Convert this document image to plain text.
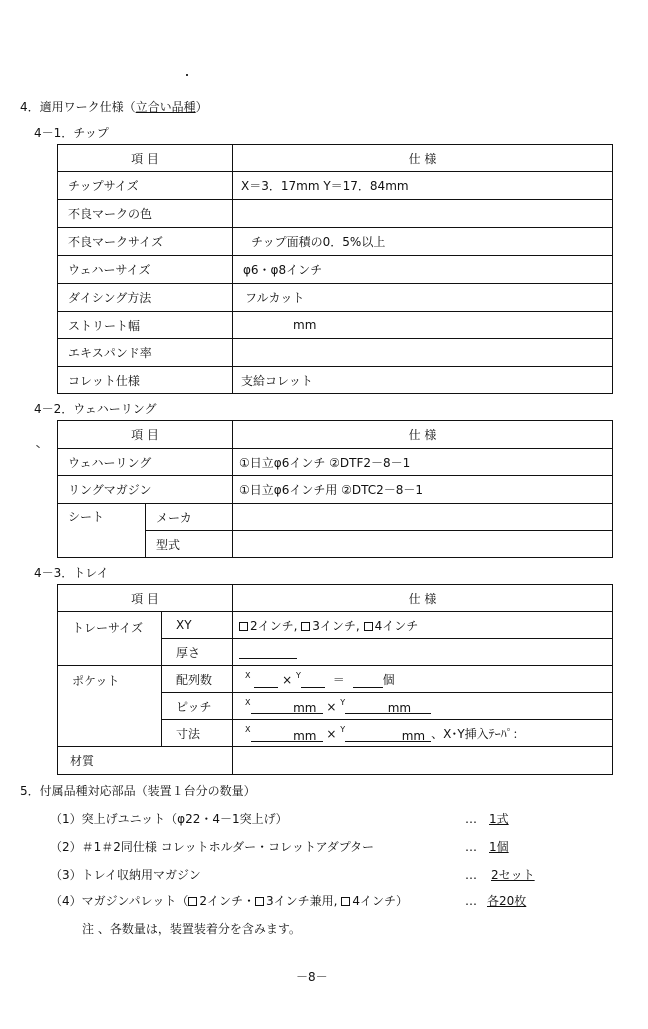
4．適用ワーク仕様（立合い品種）
4－1．チップ
項 目	仕 様
チップサイズ	X＝3．17mm Y＝17．84mm
不良マークの色	
不良マークサイズ	チップ面積の0．5%以上
ウェハーサイズ	φ6・φ8インチ
ダイシング方法	フルカット
ストリート幅	mm
エキスパンド率	
コレット仕様	支給コレット
4－2．ウェハーリング
項 目		仕 様
ウェハーリング		①日立φ6インチ ②DTF2－8－1
リングマガジン		①日立φ6インチ用 ②DTC2－8－1
シート	メーカ	
	型式	
4－3．トレイ
項 目		仕 様
トレーサイズ	XY	2インチ, 3インチ, 4インチ
	厚さ	
ポケット	配列数	$^X$ × $^Y$ ＝ 個
	ピッチ	$^X$ mm × $^Y$ mm
	寸法	$^X$ mm × $^Y$ mm 、X･Y挿入ﾃｰﾊﾟ：
材質		
5．付属品種対応部品（装置１台分の数量）
（1）突上げユニット（φ22・4－1突上げ）	… 1式
（2）＃1＃2同仕様 コレットホルダー・コレットアダプター	… 1個
（3）トレイ収納用マガジン	… 2セット
（4）マガジンパレット（ 2インチ・ 3インチ兼用, 4インチ）	… 各20枚
注 、各数量は，装置装着分を含みます。
－8－
